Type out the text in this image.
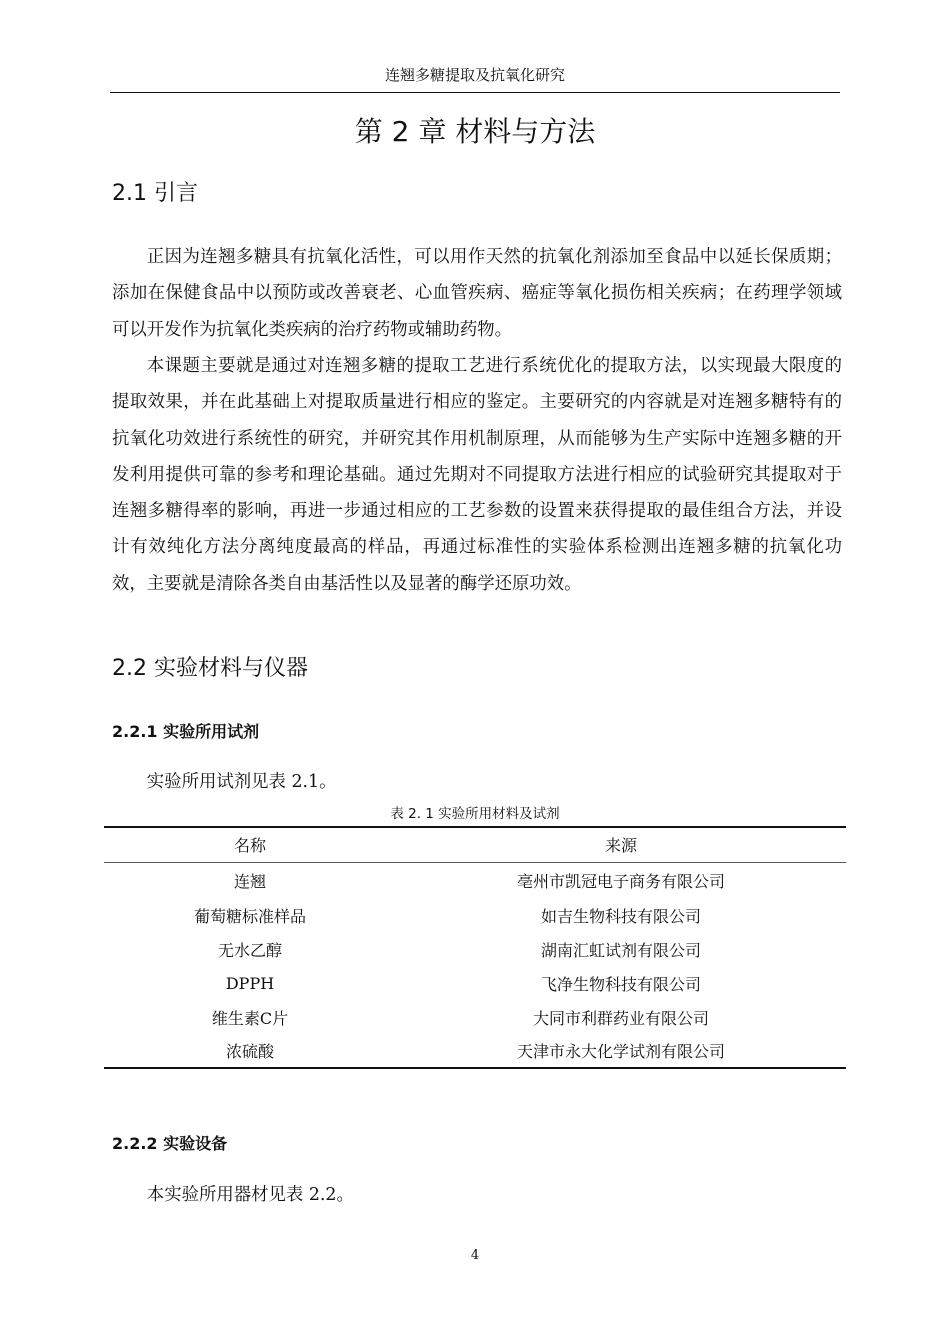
连翘多糖提取及抗氧化研究
第 2 章 材料与方法
2.1 引言

正因为连翘多糖具有抗氧化活性，可以用作天然的抗氧化剂添加至食品中以延长保质期；添加在保健食品中以预防或改善衰老、心血管疾病、癌症等氧化损伤相关疾病；在药理学领域可以开发作为抗氧化类疾病的治疗药物或辅助药物。

本课题主要就是通过对连翘多糖的提取工艺进行系统优化的提取方法，以实现最大限度的提取效果，并在此基础上对提取质量进行相应的鉴定。主要研究的内容就是对连翘多糖特有的抗氧化功效进行系统性的研究，并研究其作用机制原理，从而能够为生产实际中连翘多糖的开发利用提供可靠的参考和理论基础。通过先期对不同提取方法进行相应的试验研究其提取对于连翘多糖得率的影响，再进一步通过相应的工艺参数的设置来获得提取的最佳组合方法，并设计有效纯化方法分离纯度最高的样品，再通过标准性的实验体系检测出连翘多糖的抗氧化功效，主要就是清除各类自由基活性以及显著的酶学还原功效。

2.2 实验材料与仪器
2.2.1 实验所用试剂

实验所用试剂见表 2.1。

表 2. 1 实验所用材料及试剂
名称	来源
连翘	亳州市凯冠电子商务有限公司
葡萄糖标准样品	如吉生物科技有限公司
无水乙醇	湖南汇虹试剂有限公司
DPPH	飞净生物科技有限公司
维生素C片	大同市利群药业有限公司
浓硫酸	天津市永大化学试剂有限公司
2.2.2 实验设备

本实验所用器材见表 2.2。

4
